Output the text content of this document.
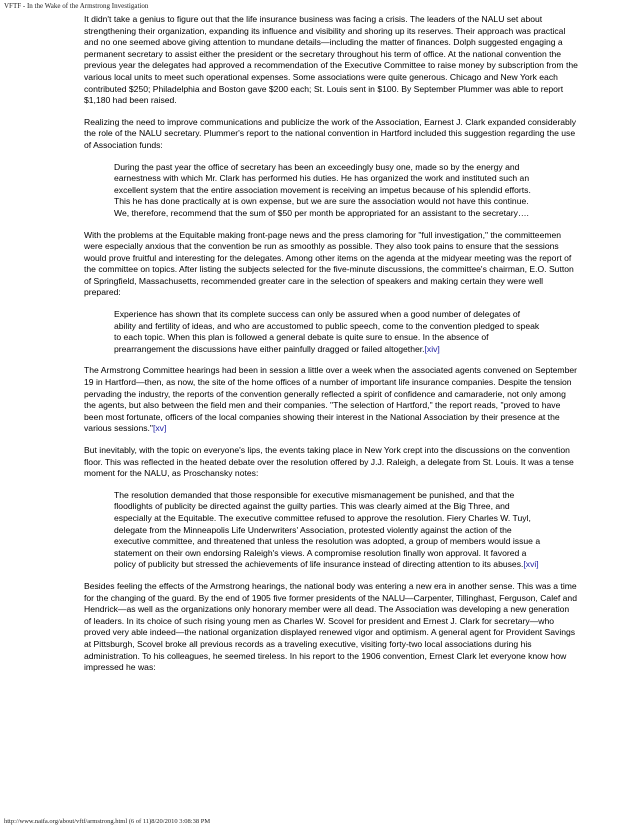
VFTF - In the Wake of the Armstrong Investigation

It didn't take a genius to figure out that the life insurance business was facing a crisis. The leaders of the NALU set about strengthening their organization, expanding its influence and visibility and shoring up its reserves. Their approach was practical and no one seemed above giving attention to mundane details—including the matter of finances. Dolph suggested engaging a permanent secretary to assist either the president or the secretary throughout his term of office. At the national convention the previous year the delegates had approved a recommendation of the Executive Committee to raise money by subscription from the various local units to meet such operational expenses. Some associations were quite generous. Chicago and New York each contributed $250; Philadelphia and Boston gave $200 each; St. Louis sent in $100. By September Plummer was able to report $1,180 had been raised.

Realizing the need to improve communications and publicize the work of the Association, Earnest J. Clark expanded considerably the role of the NALU secretary. Plummer's report to the national convention in Hartford included this suggestion regarding the use of Association funds:

During the past year the office of secretary has been an exceedingly busy one, made so by the energy and earnestness with which Mr. Clark has performed his duties. He has organized the work and instituted such an excellent system that the entire association movement is receiving an impetus because of his splendid efforts. This he has done practically at is own expense, but we are sure the association would not have this continue. We, therefore, recommend that the sum of $50 per month be appropriated for an assistant to the secretary….

With the problems at the Equitable making front-page news and the press clamoring for "full investigation," the committeemen were especially anxious that the convention be run as smoothly as possible. They also took pains to ensure that the sessions would prove fruitful and interesting for the delegates. Among other items on the agenda at the midyear meeting was the report of the committee on topics. After listing the subjects selected for the five-minute discussions, the committee's chairman, E.O. Sutton of Springfield, Massachusetts, recommended greater care in the selection of speakers and making certain they were well prepared:

Experience has shown that its complete success can only be assured when a good number of delegates of ability and fertility of ideas, and who are accustomed to public speech, come to the convention pledged to speak to each topic. When this plan is followed a general debate is quite sure to ensue. In the absence of prearrangement the discussions have either painfully dragged or failed altogether.[xiv]

The Armstrong Committee hearings had been in session a little over a week when the associated agents convened on September 19 in Hartford—then, as now, the site of the home offices of a number of important life insurance companies. Despite the tension pervading the industry, the reports of the convention generally reflected a spirit of confidence and camaraderie, not only among the agents, but also between the field men and their companies. "The selection of Hartford," the report reads, "proved to have been most fortunate, officers of the local companies showing their interest in the National Association by their presence at the various sessions."[xv]

But inevitably, with the topic on everyone's lips, the events taking place in New York crept into the discussions on the convention floor. This was reflected in the heated debate over the resolution offered by J.J. Raleigh, a delegate from St. Louis. It was a tense moment for the NALU, as Proschansky notes:

The resolution demanded that those responsible for executive mismanagement be punished, and that the floodlights of publicity be directed against the guilty parties. This was clearly aimed at the Big Three, and especially at the Equitable. The executive committee refused to approve the resolution. Fiery Charles W. Tuyl, delegate from the Minneapolis Life Underwriters' Association, protested violently against the action of the executive committee, and threatened that unless the resolution was adopted, a group of members would issue a statement on their own endorsing Raleigh's views. A compromise resolution finally won approval. It favored a policy of publicity but stressed the achievements of life insurance instead of directing attention to its abuses.[xvi]

Besides feeling the effects of the Armstrong hearings, the national body was entering a new era in another sense. This was a time for the changing of the guard. By the end of 1905 five former presidents of the NALU—Carpenter, Tillinghast, Ferguson, Calef and Hendrick—as well as the organizations only honorary member were all dead. The Association was developing a new generation of leaders. In its choice of such rising young men as Charles W. Scovel for president and Ernest J. Clark for secretary—who proved very able indeed—the national organization displayed renewed vigor and optimism. A general agent for Provident Savings at Pittsburgh, Scovel broke all previous records as a traveling executive, visiting forty-two local associations during his administration. To his colleagues, he seemed tireless. In his report to the 1906 convention, Ernest Clark let everyone know how impressed he was:

http://www.naifa.org/about/vftf/armstrong.html (6 of 11)8/20/2010 3:08:38 PM
